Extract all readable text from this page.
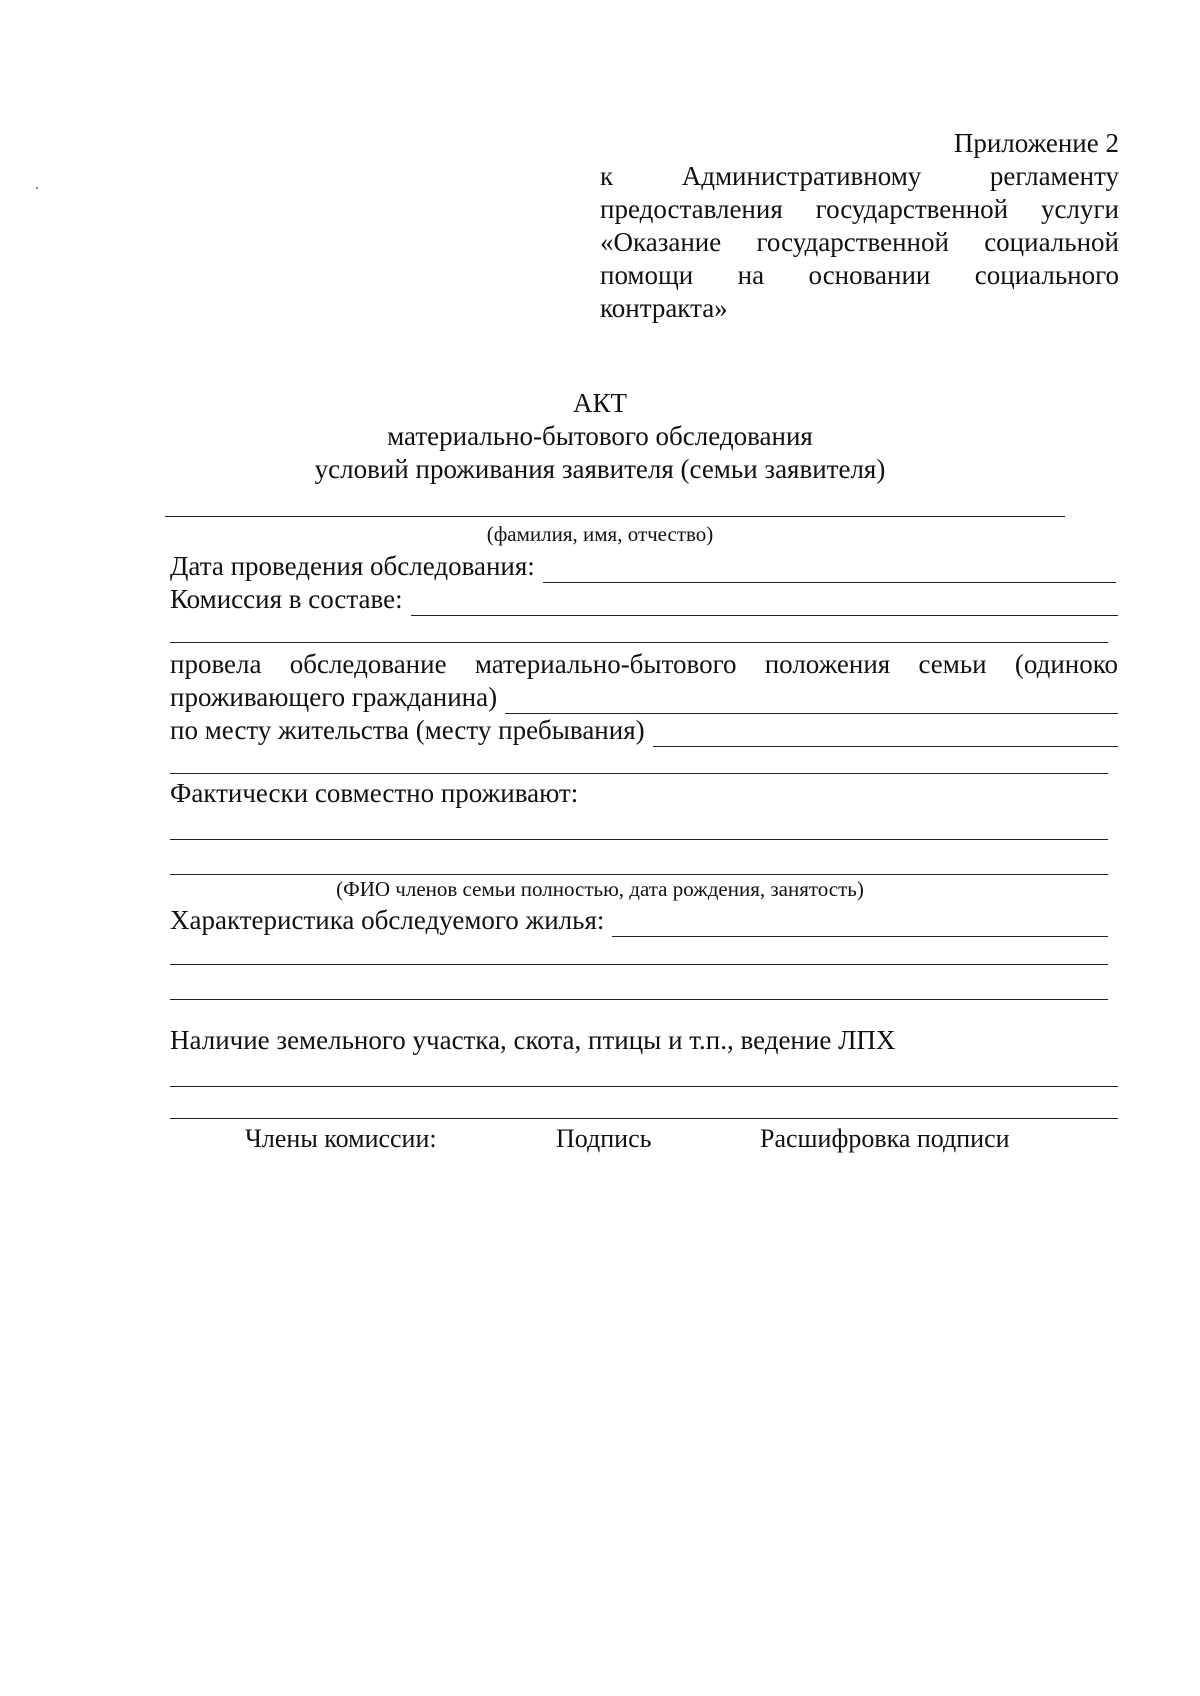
Приложение 2
к	Административному	регламенту
предоставления государственной услуги
«Оказание государственной социальной
помощи на основании социального
контракта»
АКТ
материально-бытового обследования
условий проживания заявителя (семьи заявителя)
(фамилия, имя, отчество)
Дата проведения обследования:
Комиссия в составе:
провела обследование материально-бытового положения семьи (одиноко
проживающего гражданина)
по месту жительства (месту пребывания)
Фактически совместно проживают:
(ФИО членов семьи полностью, дата рождения, занятость)
Характеристика обследуемого жилья:
Наличие земельного участка, скота, птицы и т.п., ведение ЛПХ
Члены комиссии:	Подпись	Расшифровка подписи
